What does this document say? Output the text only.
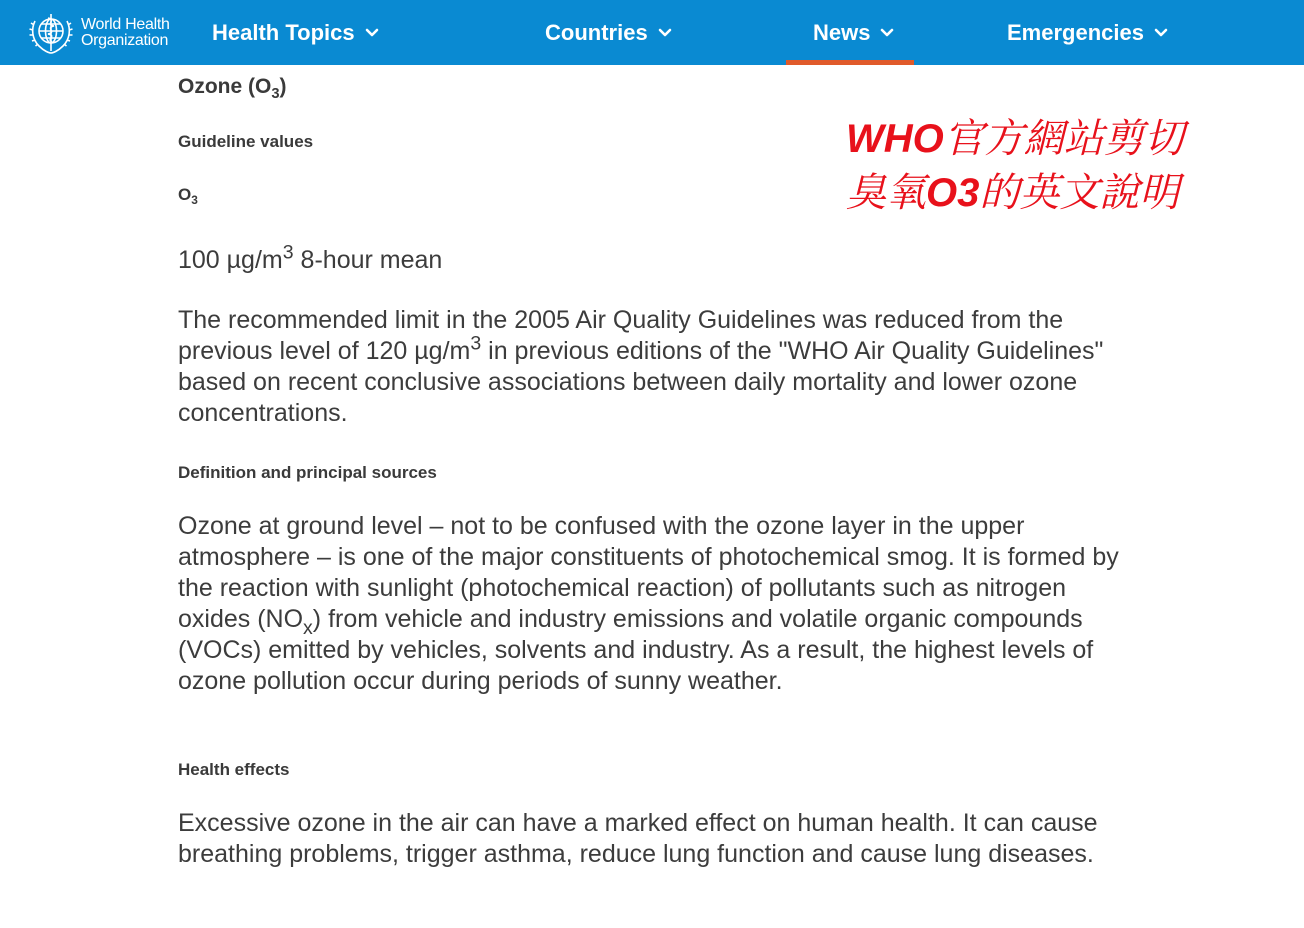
World Health
Organization Health Topics	Countries	News	Emergencies
Ozone $(O_3)$
Guideline values
$O_3$

100 $\mu g/m^3$ 8-hour mean

The recommended limit in the 2005 Air Quality Guidelines was reduced from the previous level of 120 $\mu g/m^3$ in previous editions of the "WHO Air Quality Guidelines" based on recent conclusive associations between daily mortality and lower ozone concentrations.

Definition and principal sources

Ozone at ground level – not to be confused with the ozone layer in the upper atmosphere – is one of the major constituents of photochemical smog. It is formed by the reaction with sunlight (photochemical reaction) of pollutants such as nitrogen oxides $(NO_x)$ from vehicle and industry emissions and volatile organic compounds (VOCs) emitted by vehicles, solvents and industry. As a result, the highest levels of ozone pollution occur during periods of sunny weather.

Health effects

Excessive ozone in the air can have a marked effect on human health. It can cause breathing problems, trigger asthma, reduce lung function and cause lung diseases.

WHO官方網站剪切
臭氧O3的英文說明
